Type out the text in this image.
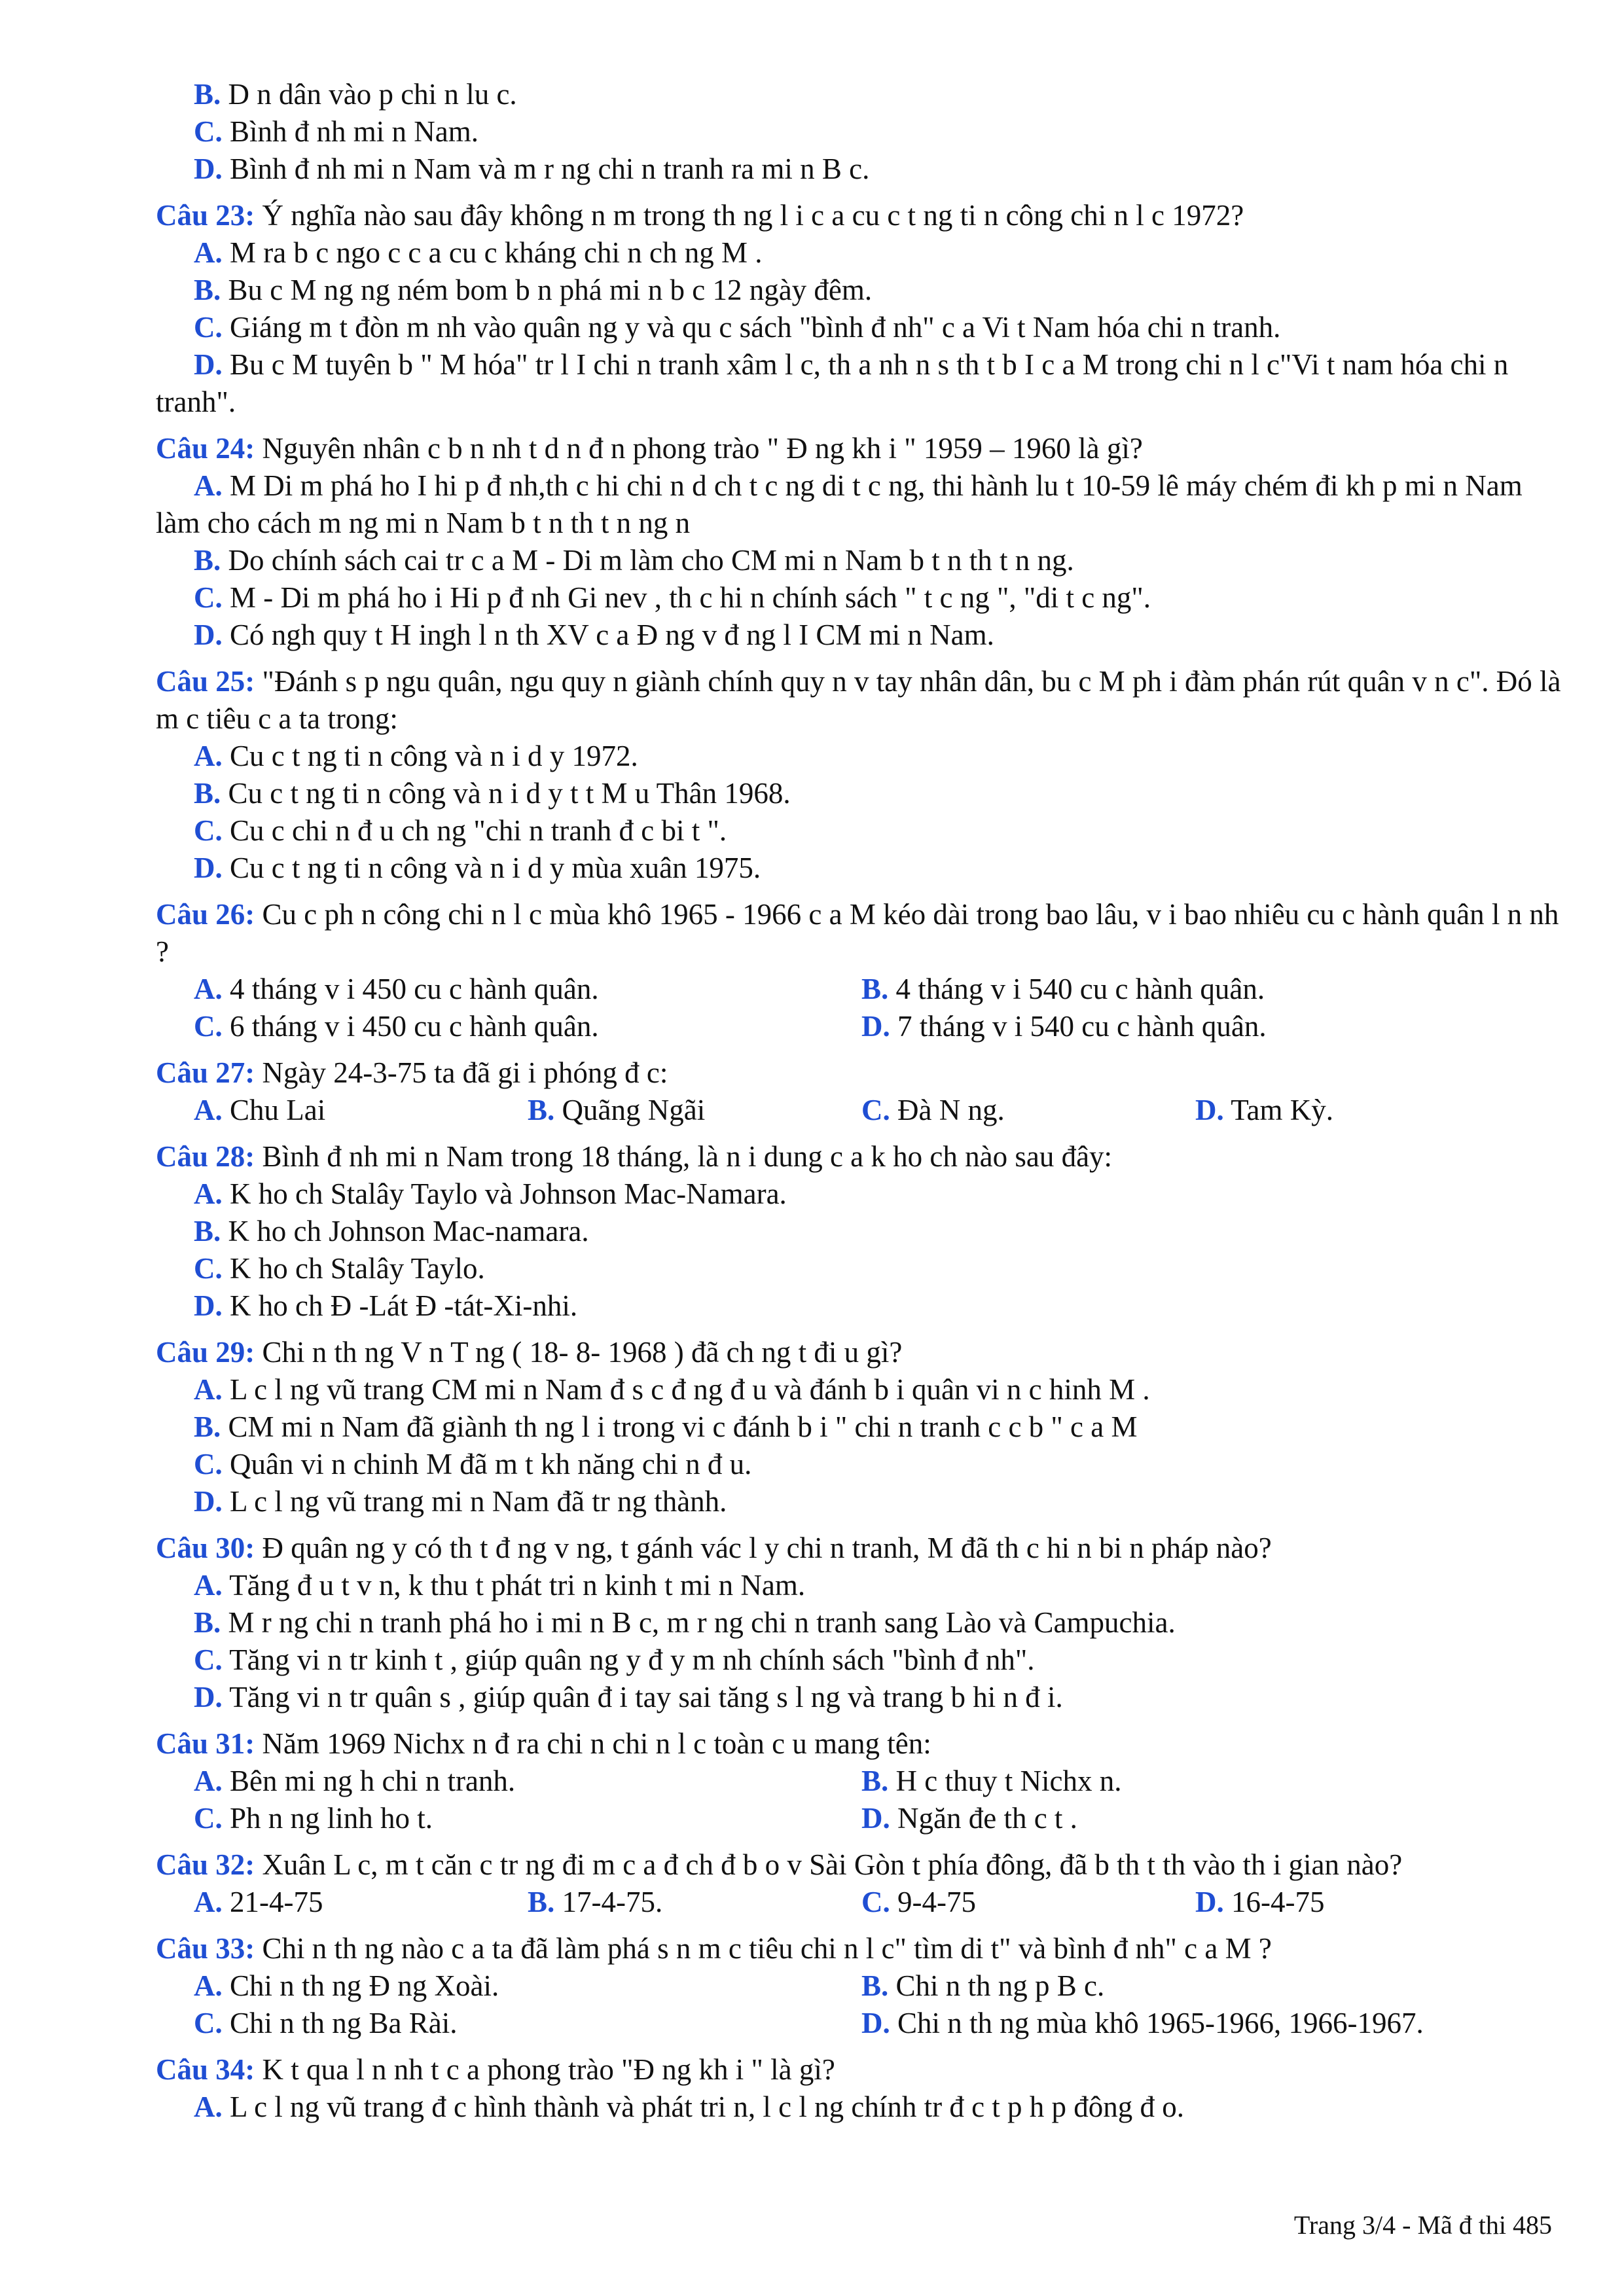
B. D n dân vào p chi n lu c.
C. Bình đ nh mi n Nam.
D. Bình đ nh mi n Nam và m r ng chi n tranh ra mi n B c.
Câu 23: Ý nghĩa nào sau đây không n m trong th ng l i c a cu c t ng ti n công chi n l c 1972?
A. M ra b c ngo c c a cu c kháng chi n ch ng M .
B. Bu c M ng ng ném bom b n phá mi n b c 12 ngày đêm.
C. Giáng m t đòn m nh vào quân ng y và qu c sách "bình đ nh" c a Vi t Nam hóa chi n tranh.
D. Bu c M tuyên b " M hóa" tr l I chi n tranh xâm l c, th a nh n s th t b I c a M trong chi n l c"Vi t nam hóa chi n tranh".
Câu 24: Nguyên nhân c b n nh t d n đ n phong trào " Đ ng kh i " 1959 – 1960 là gì?
A. M Di m phá ho I hi p đ nh,th c hi chi n d ch t c ng di t c ng, thi hành lu t 10-59 lê máy chém đi kh p mi n Nam làm cho cách m ng mi n Nam b t n th t n ng n
B. Do chính sách cai tr c a M - Di m làm cho CM mi n Nam b t n th t n ng.
C. M - Di m phá ho i Hi p đ nh Gi nev , th c hi n chính sách " t c ng ", "di t c ng".
D. Có ngh quy t H ingh l n th XV c a Đ ng v đ ng l I CM mi n Nam.
Câu 25: "Đánh s p ngu quân, ngu quy n giành chính quy n v tay nhân dân, bu c M ph i đàm phán rút quân v n c". Đó là m c tiêu c a ta trong:
A. Cu c t ng ti n công và n i d y 1972.
B. Cu c t ng ti n công và n i d y t t M u Thân 1968.
C. Cu c chi n đ u ch ng "chi n tranh đ c bi t ".
D. Cu c t ng ti n công và n i d y mùa xuân 1975.
Câu 26: Cu c ph n công chi n l c mùa khô 1965 - 1966 c a M kéo dài trong bao lâu, v i bao nhiêu cu c hành quân l n nh ?
A. 4 tháng v i 450 cu c hành quân.	B. 4 tháng v i 540 cu c hành quân.
C. 6 tháng v i 450 cu c hành quân.	D. 7 tháng v i 540 cu c hành quân.
Câu 27: Ngày 24-3-75 ta đã gi i phóng đ c:
A. Chu Lai	B. Quãng Ngãi	C. Đà N ng.	D. Tam Kỳ.
Câu 28: Bình đ nh mi n Nam trong 18 tháng, là n i dung c a k ho ch nào sau đây:
A. K ho ch Stalây Taylo và Johnson Mac-Namara.
B. K ho ch Johnson Mac-namara.
C. K ho ch Stalây Taylo.
D. K ho ch Đ -Lát Đ -tát-Xi-nhi.
Câu 29: Chi n th ng V n T ng ( 18- 8- 1968 ) đã ch ng t đi u gì?
A. L c l ng vũ trang CM mi n Nam đ s c đ ng đ u và đánh b i quân vi n c hinh M .
B. CM mi n Nam đã giành th ng l i trong vi c đánh b i " chi n tranh c c b " c a M
C. Quân vi n chinh M đã m t kh năng chi n đ u.
D. L c l ng vũ trang mi n Nam đã tr ng thành.
Câu 30: Đ quân ng y có th t đ ng v ng, t gánh vác l y chi n tranh, M đã th c hi n bi n pháp nào?
A. Tăng đ u t v n, k thu t phát tri n kinh t mi n Nam.
B. M r ng chi n tranh phá ho i mi n B c, m r ng chi n tranh sang Lào và Campuchia.
C. Tăng vi n tr kinh t , giúp quân ng y đ y m nh chính sách "bình đ nh".
D. Tăng vi n tr quân s , giúp quân đ i tay sai tăng s l ng và trang b hi n đ i.
Câu 31: Năm 1969 Nichx n đ ra chi n chi n l c toàn c u mang tên:
A. Bên mi ng h chi n tranh.	B. H c thuy t Nichx n.
C. Ph n ng linh ho t.	D. Ngăn đe th c t .
Câu 32: Xuân L c, m t căn c tr ng đi m c a đ ch đ b o v Sài Gòn t phía đông, đã b th t th vào th i gian nào?
A. 21-4-75	B. 17-4-75.	C. 9-4-75	D. 16-4-75
Câu 33: Chi n th ng nào c a ta đã làm phá s n m c tiêu chi n l c" tìm di t" và bình đ nh" c a M ?
A. Chi n th ng Đ ng Xoài.	B. Chi n th ng p B c.
C. Chi n th ng Ba Rài.	D. Chi n th ng mùa khô 1965-1966, 1966-1967.
Câu 34: K t qua l n nh t c a phong trào "Đ ng kh i " là gì?
A. L c l ng vũ trang đ c hình thành và phát tri n, l c l ng chính tr đ c t p h p đông đ o.
Trang 3/4 - Mã đ thi 485
